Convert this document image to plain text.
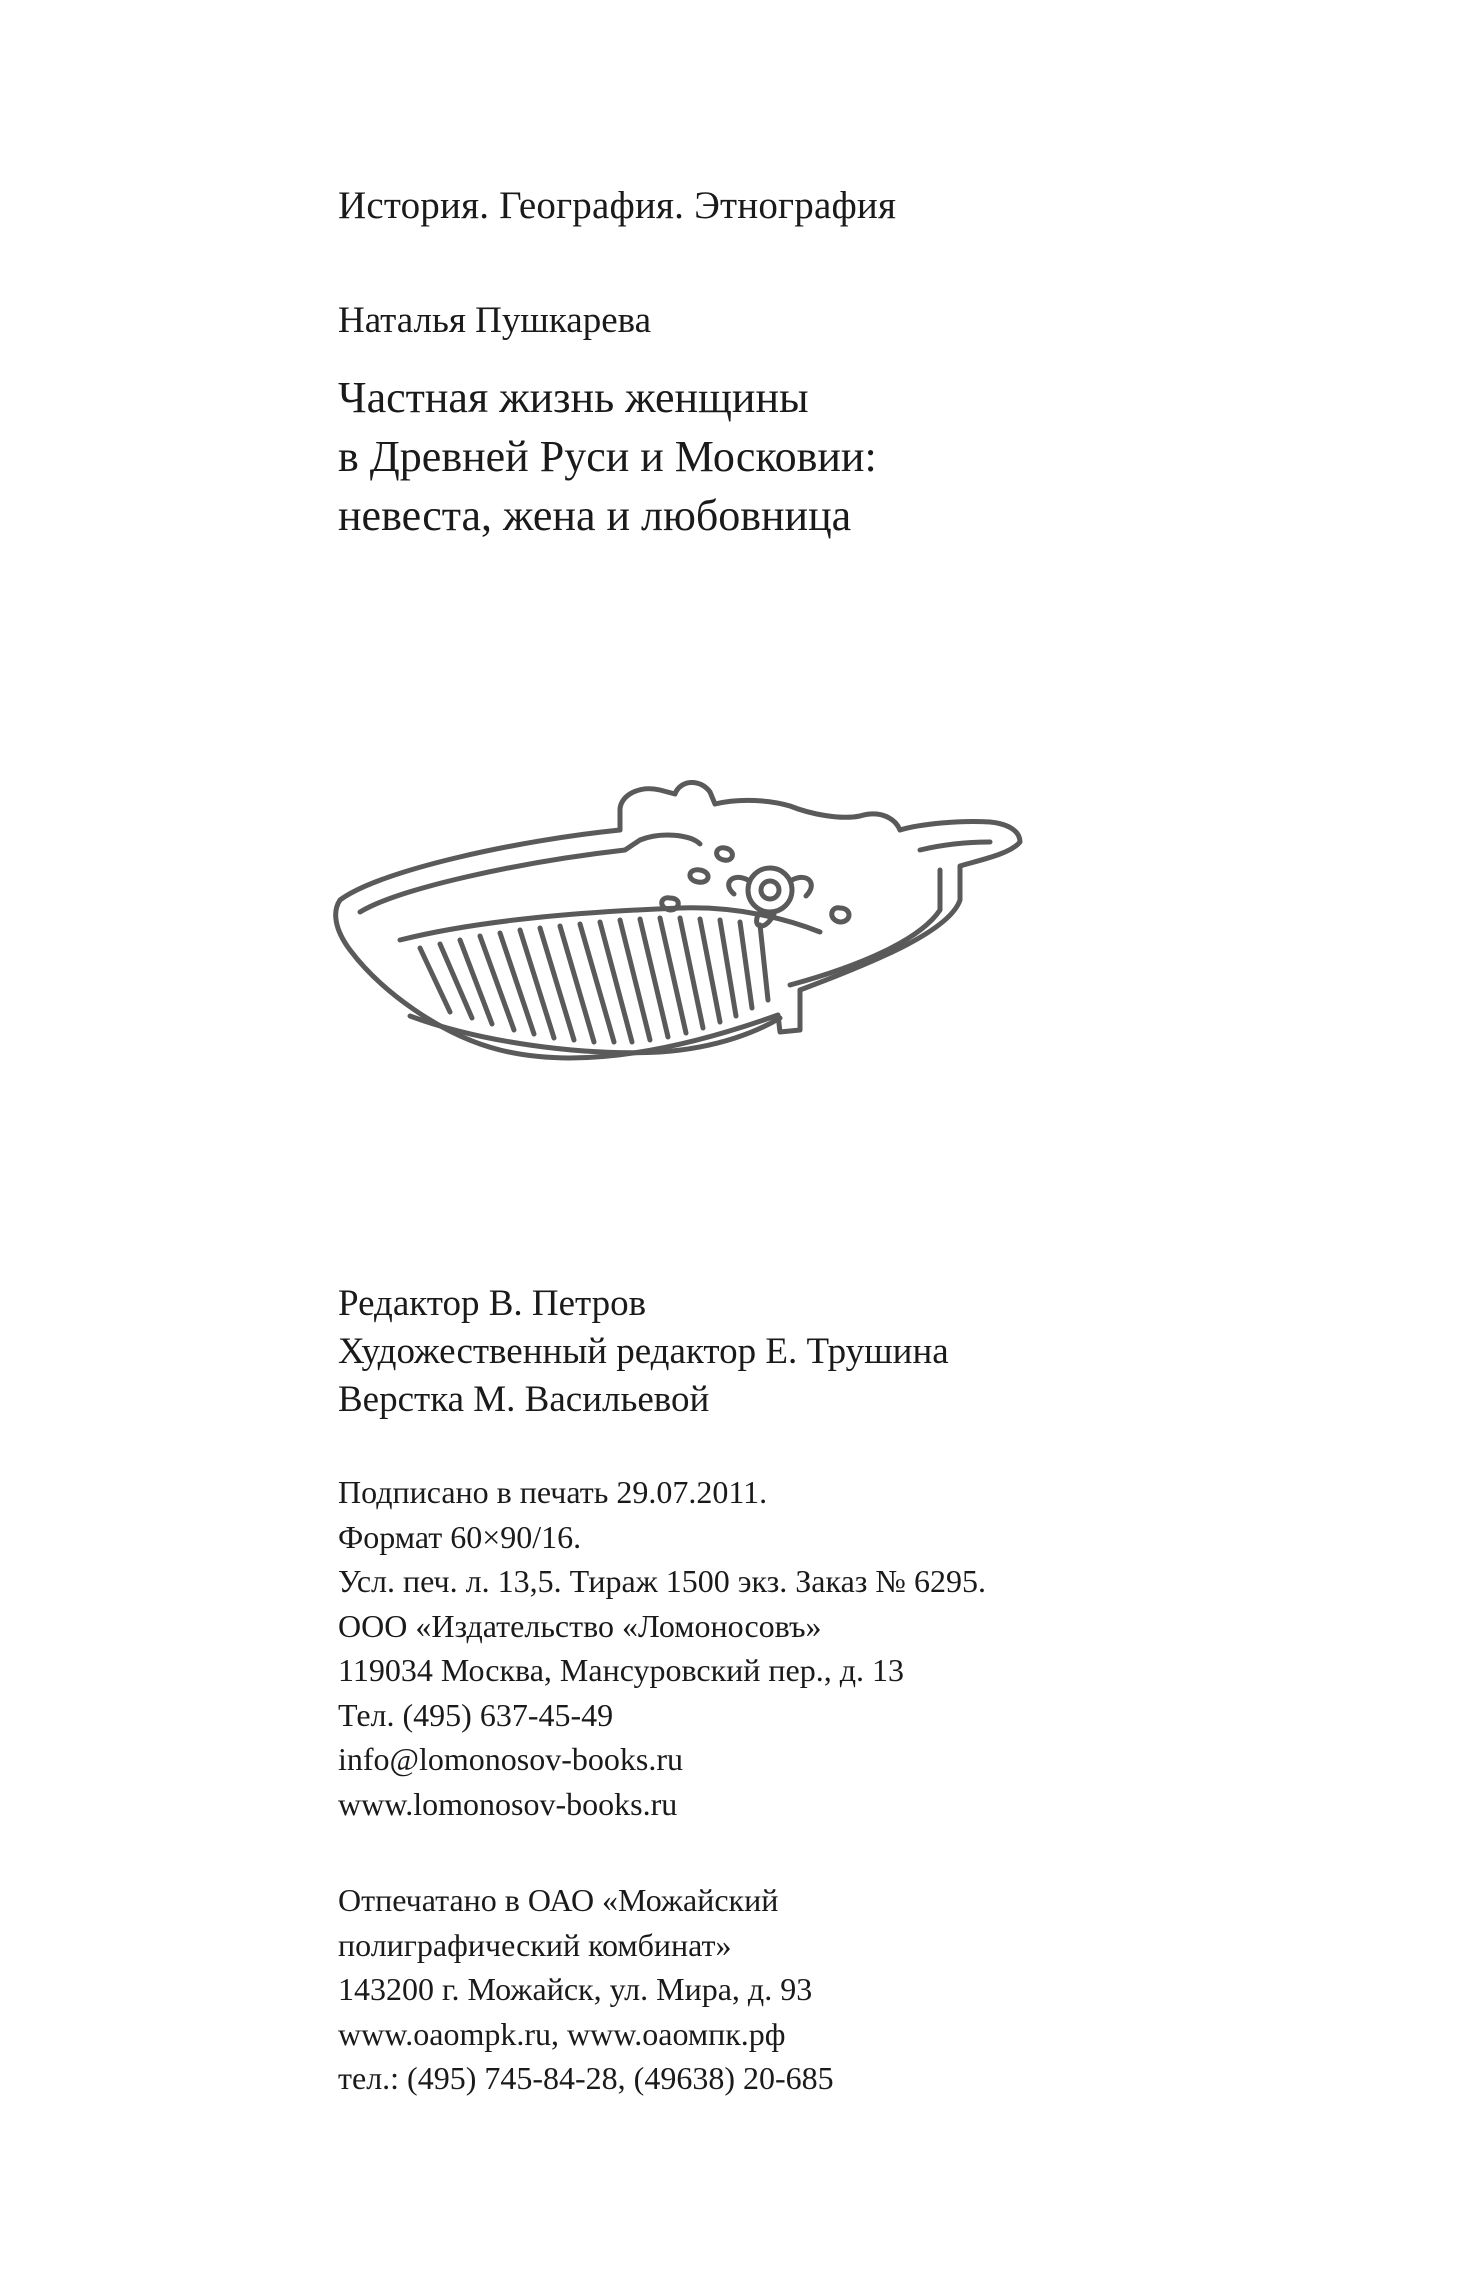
История. География. Этнография
Наталья Пушкарева
Частная жизнь женщины
в Древней Руси и Московии:
невеста, жена и любовница
Редактор В. Петров
Художественный редактор Е. Трушина
Верстка М. Васильевой
Подписано в печать 29.07.2011.
Формат 60×90/16.
Усл. печ. л. 13,5. Тираж 1500 экз. Заказ № 6295.
ООО «Издательство «Ломоносовъ»
119034 Москва, Мансуровский пер., д. 13
Тел. (495) 637-45-49
info@lomonosov-books.ru
www.lomonosov-books.ru
Отпечатано в ОАО «Можайский
полиграфический комбинат»
143200 г. Можайск, ул. Мира, д. 93
www.oaompk.ru, www.oaомпк.рф
тел.: (495) 745-84-28, (49638) 20-685
